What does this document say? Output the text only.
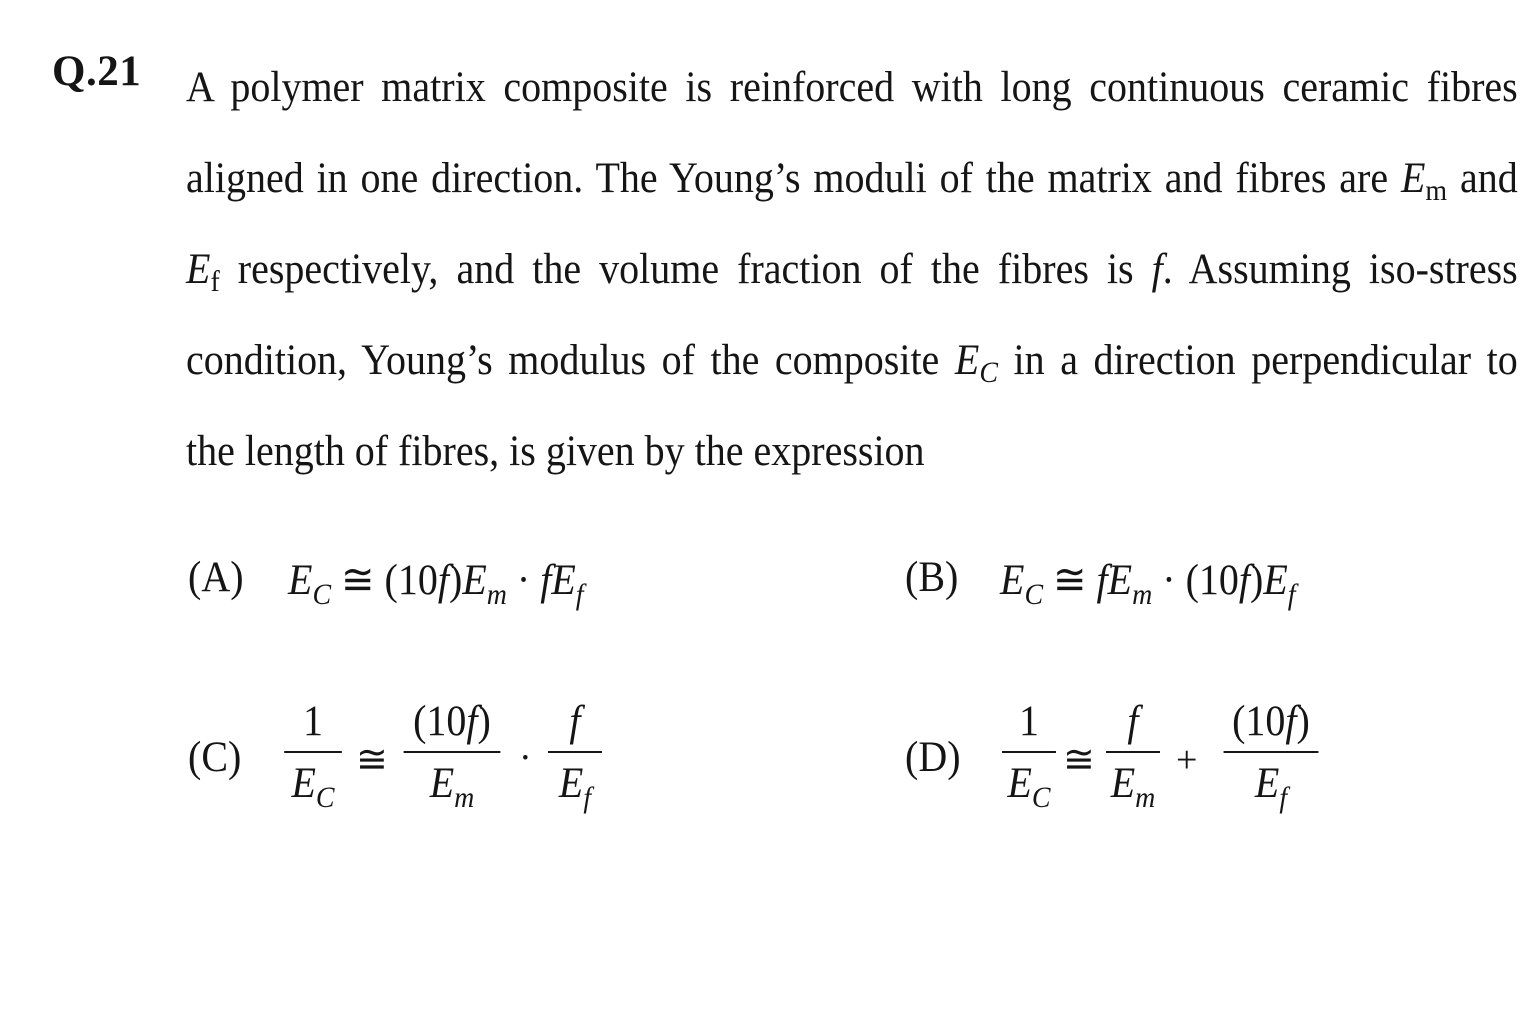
Q.21 A polymer matrix composite is reinforced with long continuous ceramic fibres
aligned in one direction. The Young’s moduli of the matrix and fibres are $E_m$ and
$E_f$ respectively, and the volume fraction of the fibres is f. Assuming iso-stress
condition, Young’s modulus of the composite $E_C$ in a direction perpendicular to
the length of fibres, is given by the expression
(A) $E_C$ ≅ $(10f)E_m \cdot fE_f$	(B) $E_C$ ≅ $fE_m \cdot (10f)E_f$
(C)
1
$E_C$
≅
(10f)
$E_m$
·
f
$E_f$
(D)
1
$E_C$
≅
f
$E_m$
+
(10f)
$E_f$
